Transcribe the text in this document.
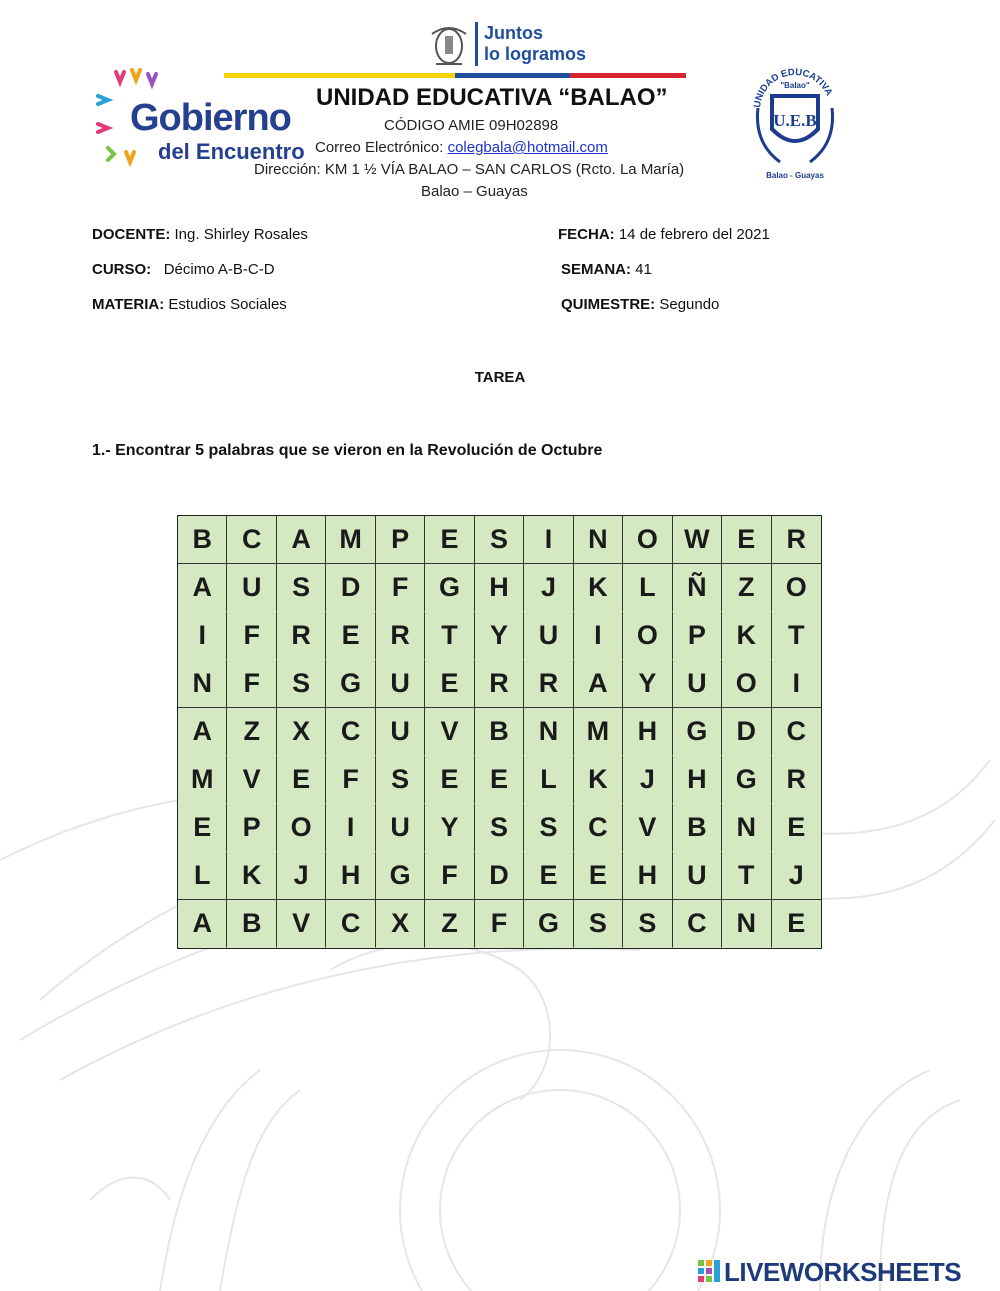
Juntos
lo logramos
Gobierno
del Encuentro
UNIDAD EDUCATIVA “BALAO”
CÓDIGO AMIE 09H02898
Correo Electrónico: colegbala@hotmail.com
Dirección: KM 1 ½ VÍA BALAO – SAN CARLOS (Rcto. La María)
Balao – Guayas
UNIDAD EDUCATIVA
"Balao"
U.E.B
Balao - Guayas
DOCENTE: Ing. Shirley Rosales	FECHA: 14 de febrero del 2021
CURSO: Décimo A-B-C-D	SEMANA: 41
MATERIA: Estudios Sociales	QUIMESTRE: Segundo
TAREA
1.- Encontrar 5 palabras que se vieron en la Revolución de Octubre
B	C	A	M	P	E	S	I	N	O W	E	R
A	U	S	D	F	G	H	J	K	L	Ñ	Z	O
I	F	R	E	R	T	Y	U	I	O	P	K	T
N	F	S	G	U	E	R	R	A	Y	U	O	I
A	Z	X	C	U	V	B	N	M	H	G	D	C
M	V	E	F	S	E	E	L	K	J	H	G	R
E	P	O	I	U	Y	S	S	C	V	B	N	E
L	K	J	H	G	F	D	E	E	H	U	T	J
A	B	V	C	X	Z	F	G	S	S	C	N	E
LIVEWORKSHEETS
